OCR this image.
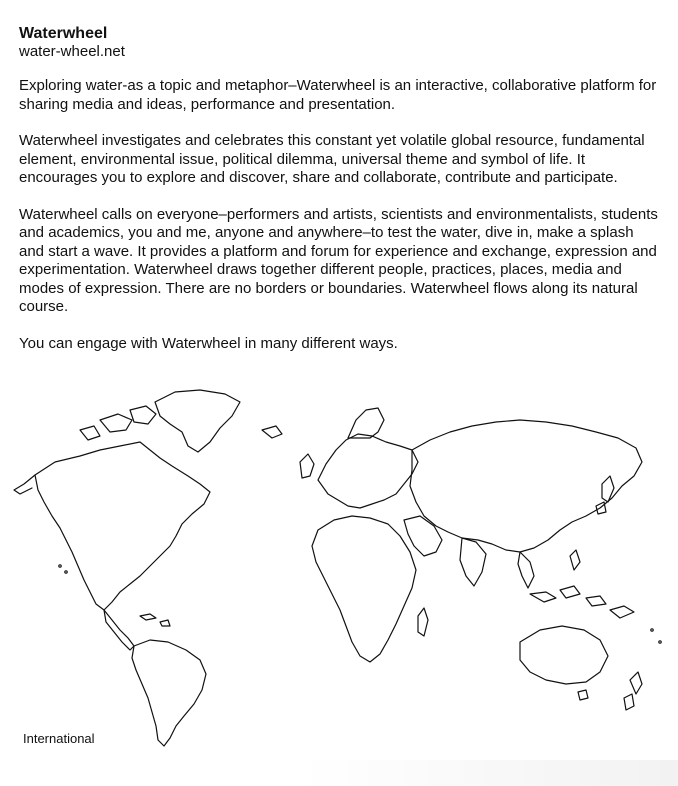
Waterwheel

water-wheel.net

Exploring water-as a topic and metaphor–Waterwheel is an interactive, collaborative platform for sharing media and ideas, performance and presentation.

Waterwheel investigates and celebrates this constant yet volatile global resource, fundamental element, environmental issue, political dilemma, universal theme and symbol of life. It encourages you to explore and discover, share and collaborate, contribute and participate.

Waterwheel calls on everyone–performers and artists, scientists and environmentalists, students and academics, you and me, anyone and anywhere–to test the water, dive in, make a splash and start a wave. It provides a platform and forum for experience and exchange, expression and experimentation. Waterwheel draws together different people, practices, places, media and modes of expression. There are no borders or boundaries. Waterwheel flows along its natural course.

You can engage with Waterwheel in many different ways.

International
